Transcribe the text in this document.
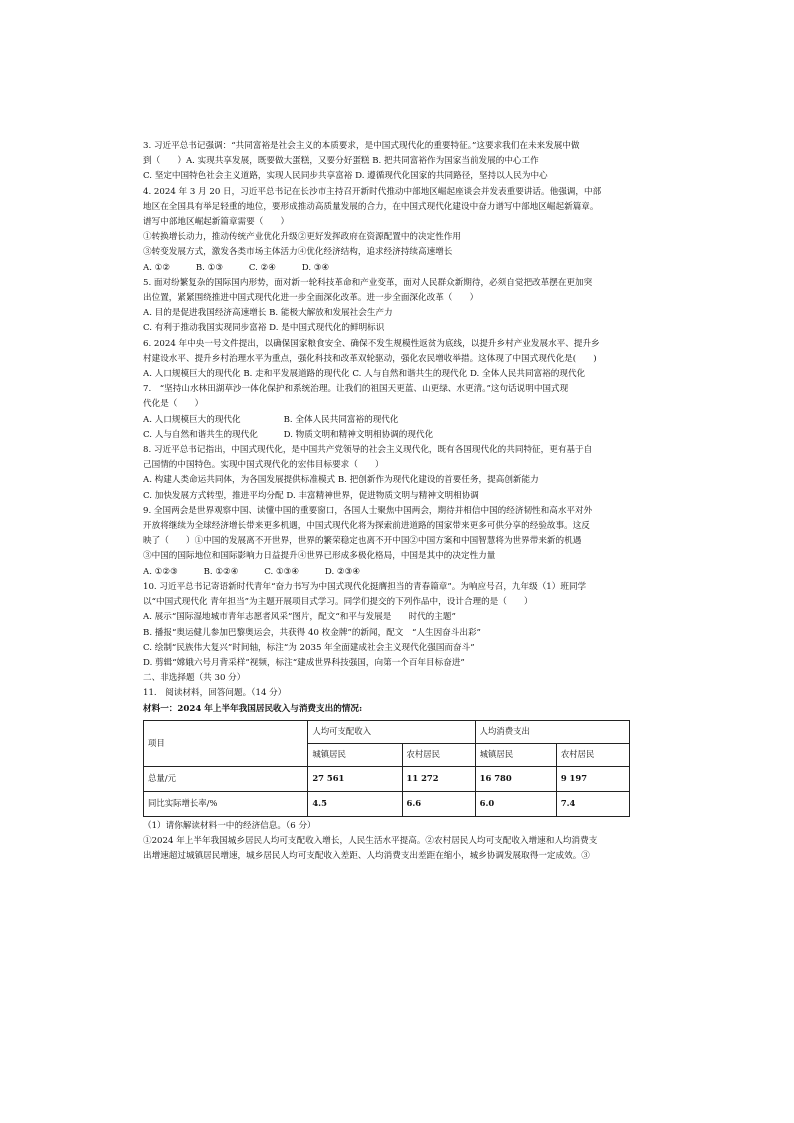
3. 习近平总书记强调：“共同富裕是社会主义的本质要求，是中国式现代化的重要特征。”这要求我们在未来发展中做
到（　　）A. 实现共享发展，既要做大蛋糕，又要分好蛋糕 B. 把共同富裕作为国家当前发展的中心工作
C. 坚定中国特色社会主义道路，实现人民同步共享富裕 D. 遵循现代化国家的共同路径，坚持以人民为中心
4. 2024 年 3 月 20 日，习近平总书记在长沙市主持召开新时代推动中部地区崛起座谈会并发表重要讲话。他强调，中部
地区在全国具有举足轻重的地位，要形成推动高质量发展的合力，在中国式现代化建设中奋力谱写中部地区崛起新篇章。
谱写中部地区崛起新篇章需要（　　）
①转换增长动力，推动传统产业优化升级②更好发挥政府在资源配置中的决定性作用
③转变发展方式，激发各类市场主体活力④优化经济结构，追求经济持续高速增长
A. ①②　　　B. ①③　　　C. ②④　　　D. ③④
5. 面对纷繁复杂的国际国内形势，面对新一轮科技革命和产业变革，面对人民群众新期待，必须自觉把改革摆在更加突
出位置，紧紧围绕推进中国式现代化进一步全面深化改革。进一步全面深化改革（　　）
A. 目的是促进我国经济高速增长 B. 能极大解放和发展社会生产力
C. 有利于推动我国实现同步富裕 D. 是中国式现代化的鲜明标识
6. 2024 年中央一号文件提出，以确保国家粮食安全、确保不发生规模性返贫为底线，以提升乡村产业发展水平、提升乡
村建设水平、提升乡村治理水平为重点，强化科技和改革双轮驱动，强化农民增收举措。这体现了中国式现代化是(　　)
A. 人口规模巨大的现代化 B. 走和平发展道路的现代化 C. 人与自然和谐共生的现代化 D. 全体人民共同富裕的现代化
7.　“坚持山水林田湖草沙一体化保护和系统治理。让我们的祖国天更蓝、山更绿、水更清。”这句话说明中国式现
代化是（　　）
A. 人口规模巨大的现代化　　　　　B. 全体人民共同富裕的现代化
C. 人与自然和谐共生的现代化　　　D. 物质文明和精神文明相协调的现代化
8. 习近平总书记指出，中国式现代化，是中国共产党领导的社会主义现代化，既有各国现代化的共同特征，更有基于自
己国情的中国特色。实现中国式现代化的宏伟目标要求（　　）
A. 构建人类命运共同体，为各国发展提供标准模式 B. 把创新作为现代化建设的首要任务，提高创新能力
C. 加快发展方式转型，推进平均分配 D. 丰富精神世界，促进物质文明与精神文明相协调
9. 全国两会是世界观察中国、读懂中国的重要窗口，各国人士聚焦中国两会，期待并相信中国的经济韧性和高水平对外
开放将继续为全球经济增长带来更多机遇，中国式现代化将为探索前进道路的国家带来更多可供分享的经验故事。这反
映了（　　）①中国的发展离不开世界，世界的繁荣稳定也离不开中国②中国方案和中国智慧将为世界带来新的机遇
③中国的国际地位和国际影响力日益提升④世界已形成多极化格局，中国是其中的决定性力量
A. ①②③　　　B. ①②④　　　C. ①③④　　　D. ②③④
10. 习近平总书记寄语新时代青年“奋力书写为中国式现代化挺膺担当的青春篇章”。为响应号召，九年级（1）班同学
以“中国式现代化 青年担当”为主题开展项目式学习。同学们提交的下列作品中，设计合理的是（　　）
A. 展示“国际湿地城市青年志愿者风采”图片，配文“和平与发展是　　时代的主题”
B. 播报“奥运健儿参加巴黎奥运会，共获得 40 枚金牌”的新闻，配文　“人生因奋斗出彩”
C. 绘制“民族伟大复兴”时间轴，标注“为 2035 年全面建成社会主义现代化强国而奋斗”
D. 剪辑“嫦娥六号月背采样”视频，标注“建成世界科技强国，向第一个百年目标奋进”
二、非选择题（共 30 分）
11.　阅读材料，回答问题。（14 分）
材料一：2024 年上半年我国居民收入与消费支出的情况:
项目	人均可支配收入		人均消费支出	
	城镇居民	农村居民	城镇居民	农村居民
总量/元	27 561	11 272	16 780	9 197
同比实际增长率/%	4.5	6.6	6.0	7.4
（1）请你解读材料一中的经济信息。（6 分）
①2024 年上半年我国城乡居民人均可支配收入增长，人民生活水平提高。②农村居民人均可支配收入增速和人均消费支
出增速超过城镇居民增速，城乡居民人均可支配收入差距、人均消费支出差距在缩小，城乡协调发展取得一定成效。③
